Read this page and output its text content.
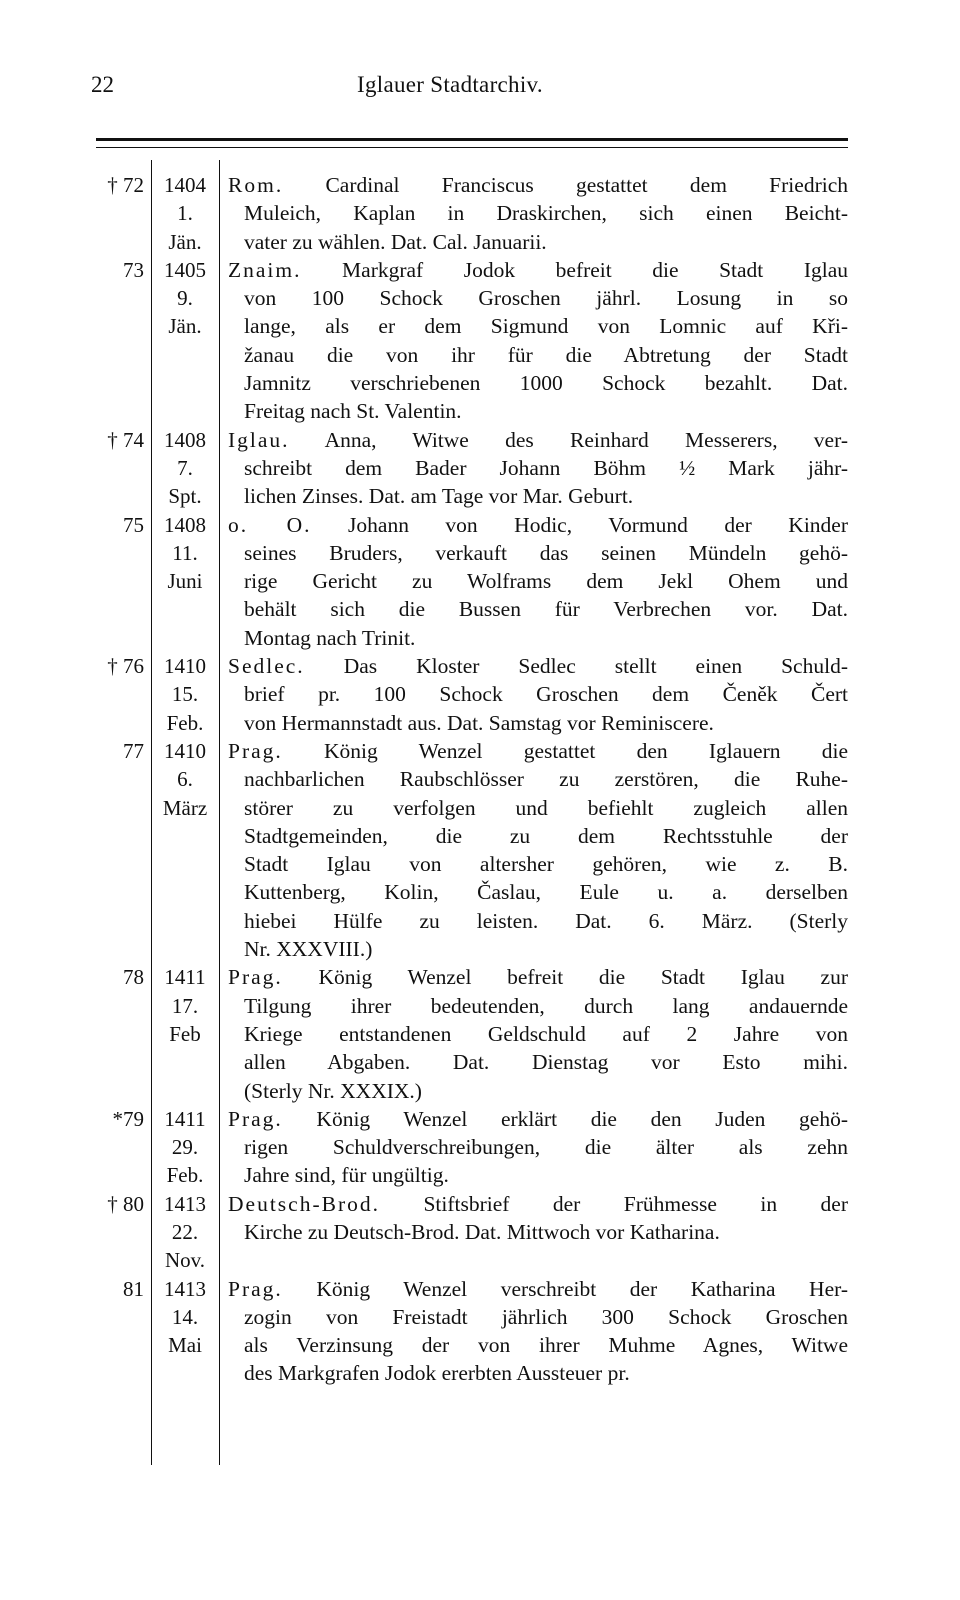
22	Iglauer Stadtarchiv.
† 72 1404
1.
Jän.
Rom. Cardinal Franciscus gestattet dem Friedrich
Muleich, Kaplan in Draskirchen, sich einen Beicht-
vater zu wählen. Dat. Cal. Januarii.
73 1405
9.
Jän.
Znaim. Markgraf Jodok befreit die Stadt Iglau
von 100 Schock Groschen jährl. Losung in so
lange, als er dem Sigmund von Lomnic auf Kři-
žanau die von ihr für die Abtretung der Stadt
Jamnitz verschriebenen 1000 Schock bezahlt. Dat.
Freitag nach St. Valentin.
† 74 1408
7.
Spt.
Iglau. Anna, Witwe des Reinhard Messerers, ver-
schreibt dem Bader Johann Böhm ½ Mark jähr-
lichen Zinses. Dat. am Tage vor Mar. Geburt.
75 1408
11.
Juni
o. O. Johann von Hodic, Vormund der Kinder
seines Bruders, verkauft das seinen Mündeln gehö-
rige Gericht zu Wolframs dem Jekl Ohem und
behält sich die Bussen für Verbrechen vor. Dat.
Montag nach Trinit.
† 76 1410
15.
Feb.
Sedlec. Das Kloster Sedlec stellt einen Schuld-
brief pr. 100 Schock Groschen dem Čeněk Čert
von Hermannstadt aus. Dat. Samstag vor Reminiscere.
77 1410
6.
März
Prag. König Wenzel gestattet den Iglauern die
nachbarlichen Raubschlösser zu zerstören, die Ruhe-
störer zu verfolgen und befiehlt zugleich allen
Stadtgemeinden, die zu dem Rechtsstuhle der
Stadt Iglau von altersher gehören, wie z. B.
Kuttenberg, Kolin, Časlau, Eule u. a. derselben
hiebei Hülfe zu leisten. Dat. 6. März. (Sterly
Nr. XXXVIII.)
78 1411
17.
Feb
Prag. König Wenzel befreit die Stadt Iglau zur
Tilgung ihrer bedeutenden, durch lang andauernde
Kriege entstandenen Geldschuld auf 2 Jahre von
allen Abgaben. Dat. Dienstag vor Esto mihi.
(Sterly Nr. XXXIX.)
*79 1411
29.
Feb.
Prag. König Wenzel erklärt die den Juden gehö-
rigen Schuldverschreibungen, die älter als zehn
Jahre sind, für ungültig.
† 80 1413
22.
Nov.
Deutsch-Brod. Stiftsbrief der Frühmesse in der
Kirche zu Deutsch-Brod. Dat. Mittwoch vor Katharina.

81 1413
14.
Mai
Prag. König Wenzel verschreibt der Katharina Her-
zogin von Freistadt jährlich 300 Schock Groschen
als Verzinsung der von ihrer Muhme Agnes, Witwe
des Markgrafen Jodok ererbten Aussteuer pr.
